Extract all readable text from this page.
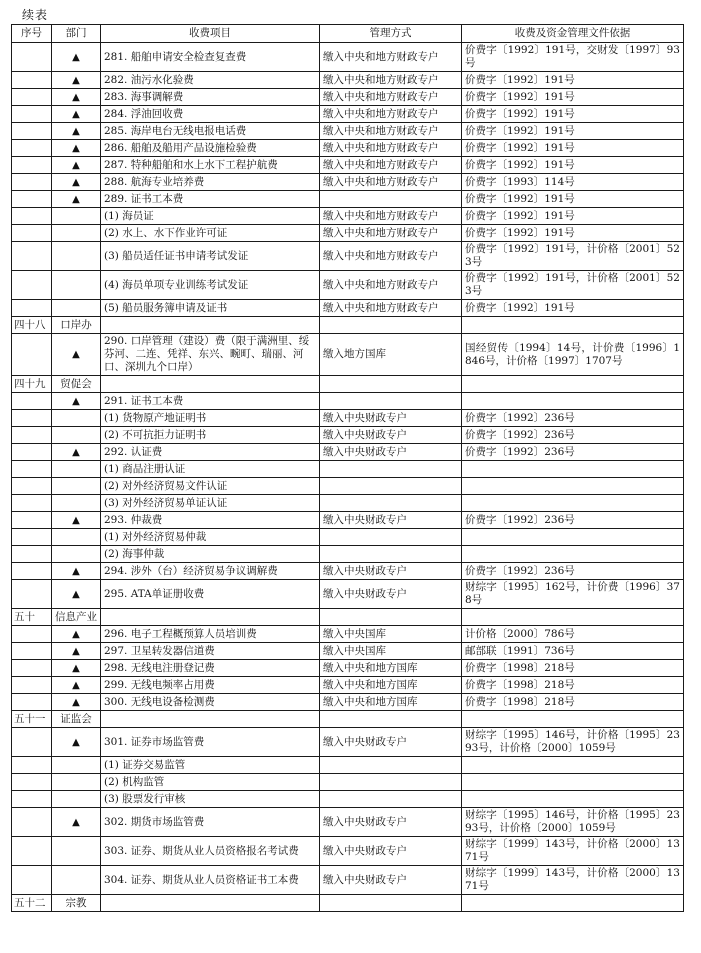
续表
序号	部门	收费项目	管理方式	收费及资金管理文件依据
	▲	281. 船舶申请安全检查复查费	缴入中央和地方财政专户	价费字〔1992〕191号，交财发〔1997〕93号
	▲	282. 油污水化验费	缴入中央和地方财政专户	价费字〔1992〕191号
	▲	283. 海事调解费	缴入中央和地方财政专户	价费字〔1992〕191号
	▲	284. 浮油回收费	缴入中央和地方财政专户	价费字〔1992〕191号
	▲	285. 海岸电台无线电报电话费	缴入中央和地方财政专户	价费字〔1992〕191号
	▲	286. 船舶及船用产品设施检验费	缴入中央和地方财政专户	价费字〔1992〕191号
	▲	287. 特种船舶和水上水下工程护航费	缴入中央和地方财政专户	价费字〔1992〕191号
	▲	288. 航海专业培养费	缴入中央和地方财政专户	价费字〔1993〕114号
	▲	289. 证书工本费		价费字〔1992〕191号
		(1) 海员证	缴入中央和地方财政专户	价费字〔1992〕191号
		(2) 水上、水下作业许可证	缴入中央和地方财政专户	价费字〔1992〕191号
		(3) 船员适任证书申请考试发证	缴入中央和地方财政专户	价费字〔1992〕191号，计价格〔2001〕523号
		(4) 海员单项专业训练考试发证	缴入中央和地方财政专户	价费字〔1992〕191号，计价格〔2001〕523号
		(5) 船员服务簿申请及证书	缴入中央和地方财政专户	价费字〔1992〕191号
四十八	口岸办			
	▲	290. 口岸管理（建设）费（限于满洲里、绥芬河、二连、凭祥、东兴、畹町、瑞丽、河口、深圳九个口岸）	缴入地方国库	国经贸传〔1994〕14号，计价费〔1996〕1846号，计价格〔1997〕1707号
四十九	贸促会			
	▲	291. 证书工本费		
		(1) 货物原产地证明书	缴入中央财政专户	价费字〔1992〕236号
		(2) 不可抗拒力证明书	缴入中央财政专户	价费字〔1992〕236号
	▲	292. 认证费	缴入中央财政专户	价费字〔1992〕236号
		(1) 商品注册认证		
		(2) 对外经济贸易文件认证		
		(3) 对外经济贸易单证认证		
	▲	293. 仲裁费	缴入中央财政专户	价费字〔1992〕236号
		(1) 对外经济贸易仲裁		
		(2) 海事仲裁		
	▲	294. 涉外（台）经济贸易争议调解费	缴入中央财政专户	价费字〔1992〕236号
	▲	295. ATA单证册收费	缴入中央财政专户	财综字〔1995〕162号，计价费〔1996〕378号
五十	信息产业			
	▲	296. 电子工程概预算人员培训费	缴入中央国库	计价格〔2000〕786号
	▲	297. 卫星转发器信道费	缴入中央国库	邮部联〔1991〕736号
	▲	298. 无线电注册登记费	缴入中央和地方国库	价费字〔1998〕218号
	▲	299. 无线电频率占用费	缴入中央和地方国库	价费字〔1998〕218号
	▲	300. 无线电设备检测费	缴入中央和地方国库	价费字〔1998〕218号
五十一	证监会			
	▲	301. 证券市场监管费	缴入中央财政专户	财综字〔1995〕146号，计价格〔1995〕2393号，计价格〔2000〕1059号
		(1) 证券交易监管		
		(2) 机构监管		
		(3) 股票发行审核		
	▲	302. 期货市场监管费	缴入中央财政专户	财综字〔1995〕146号，计价格〔1995〕2393号，计价格〔2000〕1059号
		303. 证券、期货从业人员资格报名考试费	缴入中央财政专户	财综字〔1999〕143号，计价格〔2000〕1371号
		304. 证券、期货从业人员资格证书工本费	缴入中央财政专户	财综字〔1999〕143号，计价格〔2000〕1371号
五十二	宗教			
